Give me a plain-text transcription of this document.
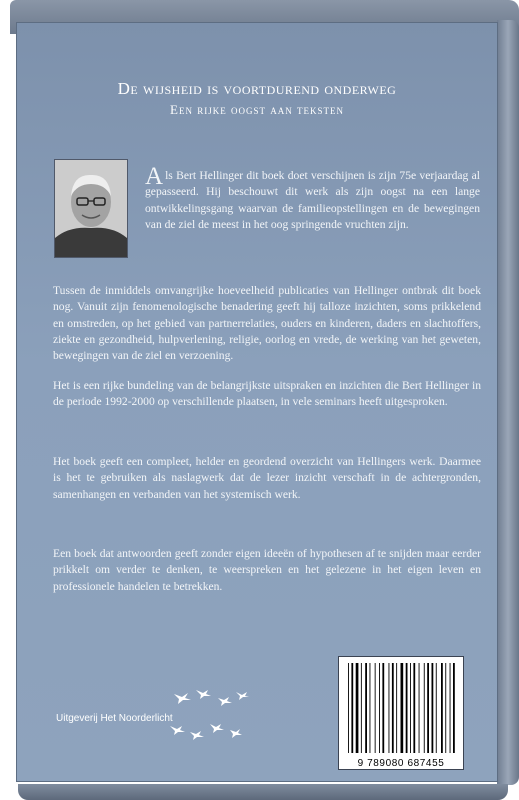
De wijsheid is voortdurend onderweg
Een rijke oogst aan teksten

Als Bert Hellinger dit boek doet verschijnen is zijn 75e verjaardag al gepasseerd. Hij beschouwt dit werk als zijn oogst na een lange ontwikkelingsgang waarvan de familieopstellingen en de bewegingen van de ziel de meest in het oog springende vruchten zijn.

Tussen de inmiddels omvangrijke hoeveelheid publicaties van Hellinger ontbrak dit boek nog. Vanuit zijn fenomenologische benadering geeft hij talloze inzichten, soms prikkelend en omstreden, op het gebied van partnerrelaties, ouders en kinderen, daders en slachtoffers, ziekte en gezondheid, hulpverlening, religie, oorlog en vrede, de werking van het geweten, bewegingen van de ziel en verzoening.

Het is een rijke bundeling van de belangrijkste uitspraken en inzichten die Bert Hellinger in de periode 1992-2000 op verschillende plaatsen, in vele seminars heeft uitgesproken.

Het boek geeft een compleet, helder en geordend overzicht van Hellingers werk. Daarmee is het te gebruiken als naslagwerk dat de lezer inzicht verschaft in de achtergronden, samenhangen en verbanden van het systemisch werk.

Een boek dat antwoorden geeft zonder eigen ideeën of hypothesen af te snijden maar eerder prikkelt om verder te denken, te weerspreken en het gelezene in het eigen leven en professionele handelen te betrekken.

Uitgeverij Het Noorderlicht
9 789080 687455
